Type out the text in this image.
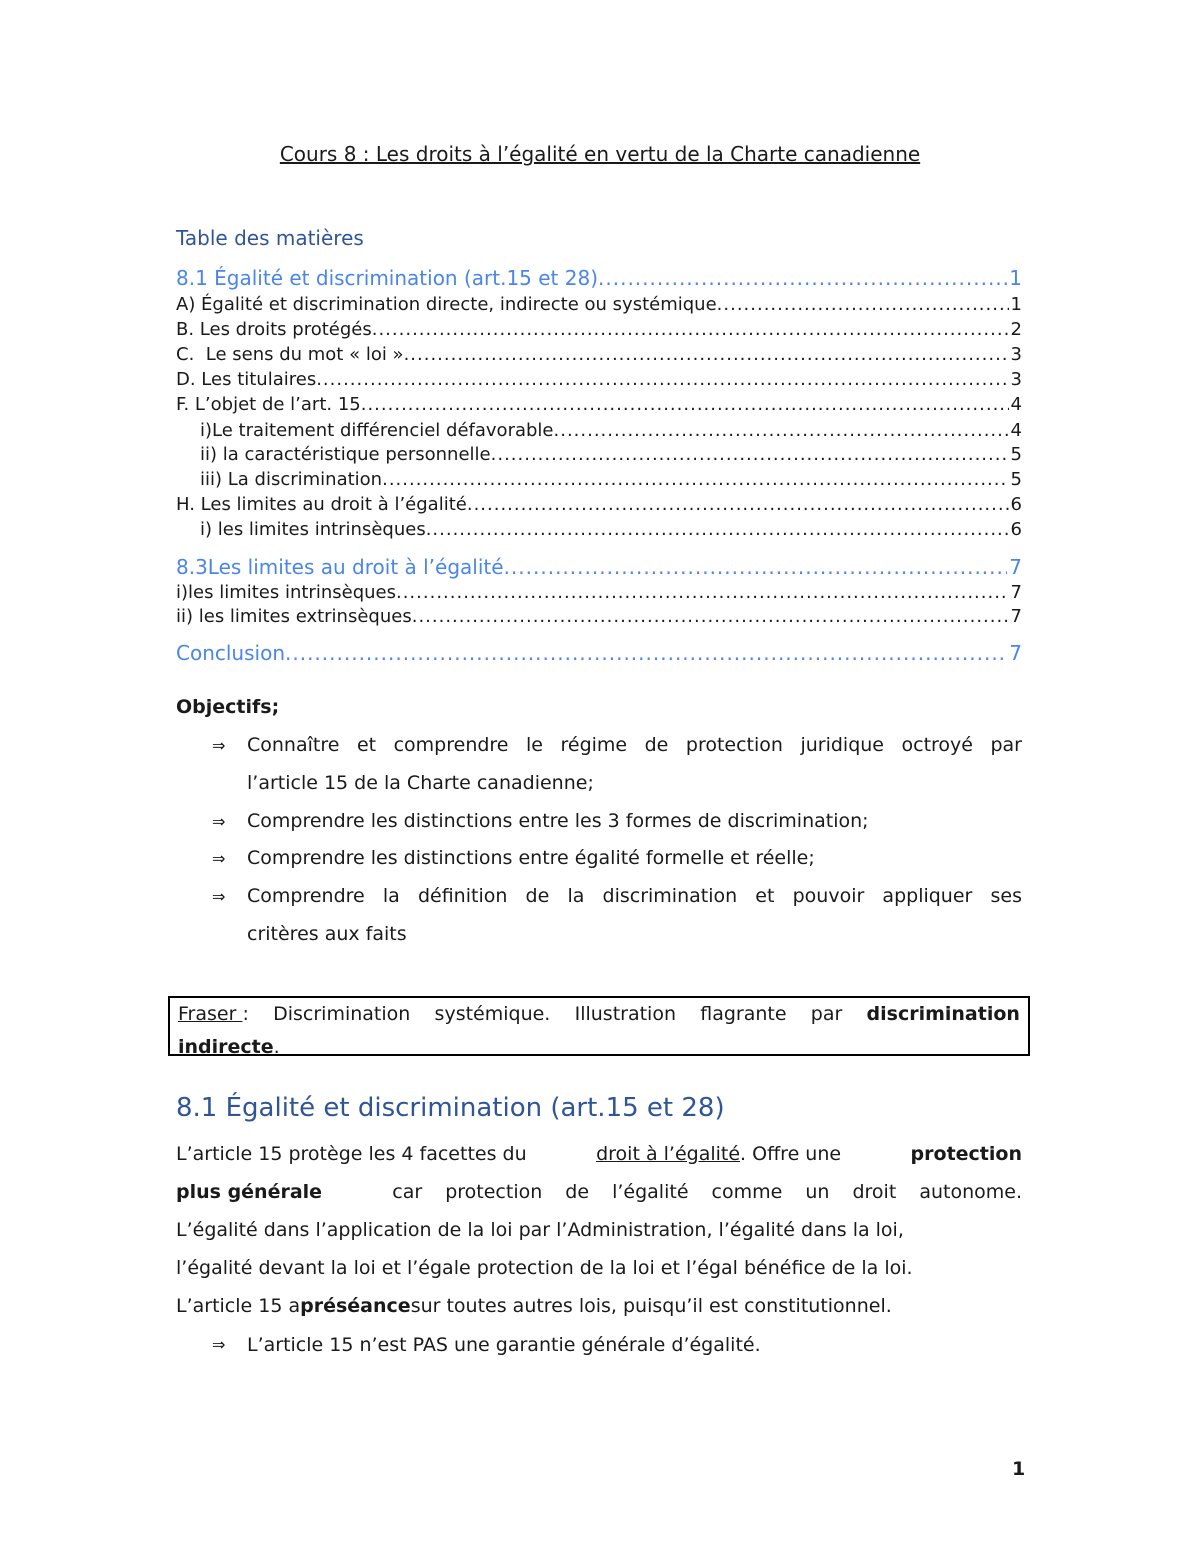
Cours 8 : Les droits à l’égalité en vertu de la Charte canadienne
Table des matières
8.1 Égalité et discrimination (art.15 et 28) .....	1
A) Égalité et discrimination directe, indirecte ou systémique .....	1
B. Les droits protégés .....	2
C.  Le sens du mot « loi » .....	3
D. Les titulaires .....	3
F. L’objet de l’art. 15 .....	4
i)Le traitement différenciel défavorable .....	4
ii) la caractéristique personnelle .....	5
iii) La discrimination .....	5
H. Les limites au droit à l’égalité .....	6
i) les limites intrinsèques .....	6
8.3Les limites au droit à l’égalité .....	7
i)les limites intrinsèques .....	7
ii) les limites extrinsèques .....	7
Conclusion .....	7
Objectifs;
⇒ Connaître et comprendre le régime de protection juridique octroyé par
l’article 15 de la Charte canadienne;
⇒ Comprendre les distinctions entre les 3 formes de discrimination;
⇒ Comprendre les distinctions entre égalité formelle et réelle;
⇒ Comprendre la définition de la discrimination et pouvoir appliquer ses
critères aux faits
Fraser : Discrimination systémique. Illustration flagrante par discrimination
indirecte.
8.1 Égalité et discrimination (art.15 et 28)
L’article 15 protège les 4 facettes du	droit à l’égalité. Offre une	protection
plus générale	car protection de l’égalité comme un droit autonome.
L’égalité dans l’application de la loi par l’Administration, l’égalité dans la loi,
l’égalité devant la loi et l’égale protection de la loi et l’égal bénéfice de la loi.
L’article 15 a préséance sur toutes autres lois, puisqu’il est constitutionnel.
⇒ L’article 15 n’est PAS une garantie générale d’égalité.
1
